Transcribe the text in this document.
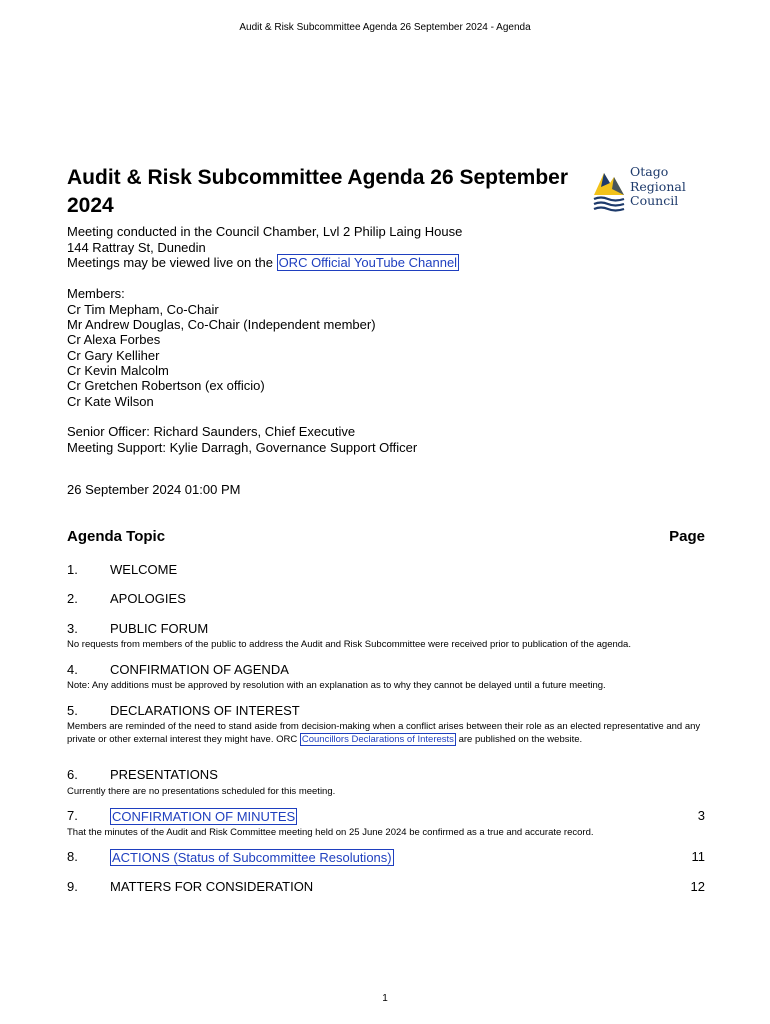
Audit & Risk Subcommittee Agenda 26 September 2024 - Agenda
Audit & Risk Subcommittee Agenda 26 September 2024
Otago
Regional
Council
Meeting conducted in the Council Chamber, Lvl 2 Philip Laing House
144 Rattray St, Dunedin
Meetings may be viewed live on the ORC Official YouTube Channel
Members:
Cr Tim Mepham, Co-Chair
Mr Andrew Douglas, Co-Chair (Independent member)
Cr Alexa Forbes
Cr Gary Kelliher
Cr Kevin Malcolm
Cr Gretchen Robertson (ex officio)
Cr Kate Wilson
Senior Officer: Richard Saunders, Chief Executive
Meeting Support: Kylie Darragh, Governance Support Officer
26 September 2024 01:00 PM
Agenda Topic	Page
1. WELCOME
2. APOLOGIES
3. PUBLIC FORUM
No requests from members of the public to address the Audit and Risk Subcommittee were received prior to publication of the agenda.
4. CONFIRMATION OF AGENDA
Note: Any additions must be approved by resolution with an explanation as to why they cannot be delayed until a future meeting.
5. DECLARATIONS OF INTEREST
Members are reminded of the need to stand aside from decision-making when a conflict arises between their role as an elected representative and any private or other external interest they might have. ORC Councillors Declarations of Interests are published on the website.
6. PRESENTATIONS
Currently there are no presentations scheduled for this meeting.
7.	CONFIRMATION OF MINUTES	3
That the minutes of the Audit and Risk Committee meeting held on 25 June 2024 be confirmed as a true and accurate record.
8.	ACTIONS (Status of Subcommittee Resolutions)	11
9. MATTERS FOR CONSIDERATION	12
1
